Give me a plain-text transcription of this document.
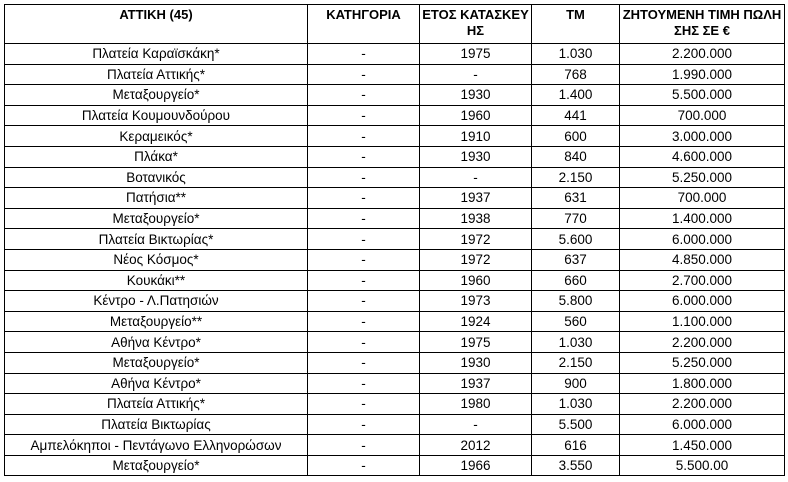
ΑΤΤΙΚΗ (45)	ΚΑΤΗΓΟΡΙΑ	ΕΤΟΣ ΚΑΤΑΣΚΕΥΗΣ	ΤΜ	ΖΗΤΟΥΜΕΝΗ ΤΙΜΗ ΠΩΛΗΣΗΣ ΣΕ €
Πλατεία Καραϊσκάκη*	-	1975	1.030	2.200.000
Πλατεία Αττικής*	-	-	768	1.990.000
Μεταξουργείο*	-	1930	1.400	5.500.000
Πλατεία Κουμουνδούρου	-	1960	441	700.000
Κεραμεικός*	-	1910	600	3.000.000
Πλάκα*	-	1930	840	4.600.000
Βοτανικός	-	-	2.150	5.250.000
Πατήσια**	-	1937	631	700.000
Μεταξουργείο*	-	1938	770	1.400.000
Πλατεία Βικτωρίας*	-	1972	5.600	6.000.000
Νέος Κόσμος*	-	1972	637	4.850.000
Κουκάκι**	-	1960	660	2.700.000
Κέντρο - Λ.Πατησιών	-	1973	5.800	6.000.000
Μεταξουργείο**	-	1924	560	1.100.000
Αθήνα Κέντρο*	-	1975	1.030	2.200.000
Μεταξουργείο*	-	1930	2.150	5.250.000
Αθήνα Κέντρο*	-	1937	900	1.800.000
Πλατεία Αττικής*	-	1980	1.030	2.200.000
Πλατεία Βικτωρίας	-	-	5.500	6.000.000
Αμπελόκηποι - Πεντάγωνο Ελληνορώσων	-	2012	616	1.450.000
Μεταξουργείο*	-	1966	3.550	5.500.00
